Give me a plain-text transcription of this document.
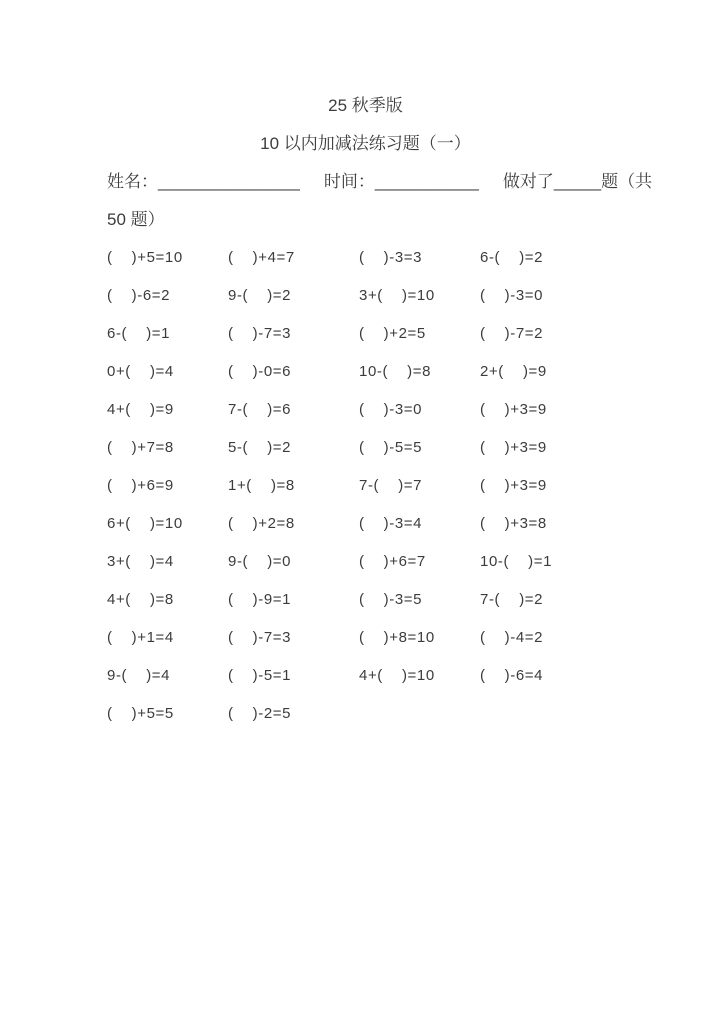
25 秋季版
10 以内加减法练习题（一）
姓名：_______________ 时间：___________ 做对了_____题（共
50 题）
(    )+5=10	(    )+4=7	(    )-3=3	6-(    )=2
(    )-6=2	9-(    )=2	3+(    )=10	(    )-3=0
6-(    )=1	(    )-7=3	(    )+2=5	(    )-7=2
0+(    )=4	(    )-0=6	10-(    )=8	2+(    )=9
4+(    )=9	7-(    )=6	(    )-3=0	(    )+3=9
(    )+7=8	5-(    )=2	(    )-5=5	(    )+3=9
(    )+6=9	1+(    )=8	7-(    )=7	(    )+3=9
6+(    )=10	(    )+2=8	(    )-3=4	(    )+3=8
3+(    )=4	9-(    )=0	(    )+6=7	10-(    )=1
4+(    )=8	(    )-9=1	(    )-3=5	7-(    )=2
(    )+1=4	(    )-7=3	(    )+8=10	(    )-4=2
9-(    )=4	(    )-5=1	4+(    )=10	(    )-6=4
(    )+5=5	(    )-2=5
